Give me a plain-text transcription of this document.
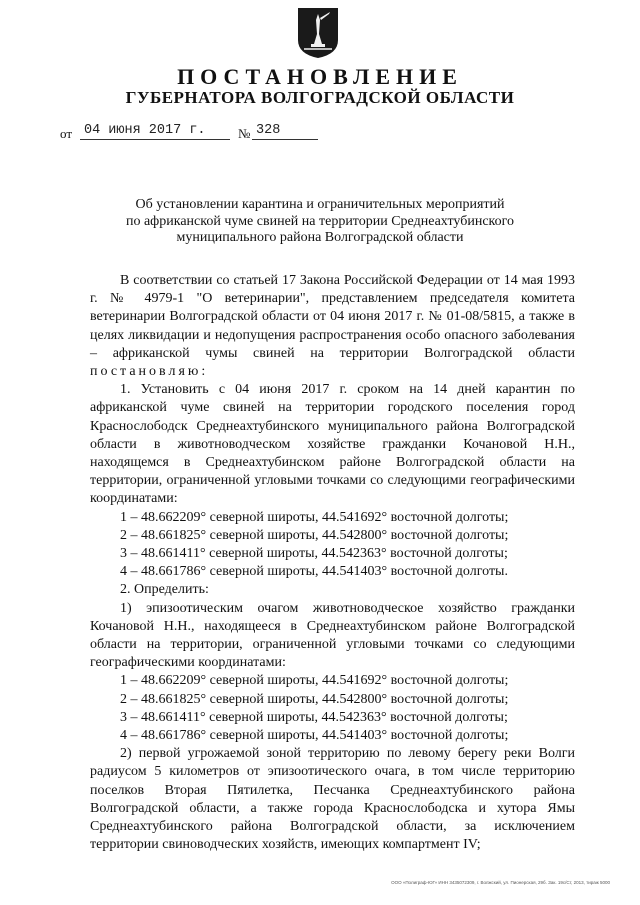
ПОСТАНОВЛЕНИЕ
ГУБЕРНАТОРА ВОЛГОГРАДСКОЙ ОБЛАСТИ
от 04 июня 2017 г. № 328
Об установлении карантина и ограничительных мероприятий
по африканской чуме свиней на территории Среднеахтубинского
муниципального района Волгоградской области

В соответствии со статьей 17 Закона Российской Федерации от 14 мая 1993 г. № 4979-1 "О ветеринарии", представлением председателя комитета ветеринарии Волгоградской области от 04 июня 2017 г. № 01-08/5815, а также в целях ликвидации и недопущения распространения особо опасного заболевания – африканской чумы свиней на территории Волгоградской области постановляю:

1. Установить с 04 июня 2017 г. сроком на 14 дней карантин по африканской чуме свиней на территории городского поселения город Краснослободск Среднеахтубинского муниципального района Волгоградской области в животноводческом хозяйстве гражданки Кочановой Н.Н., находящемся в Среднеахтубинском районе Волгоградской области на территории, ограниченной угловыми точками со следующими географическими координатами:

1 – 48.662209° северной широты, 44.541692° восточной долготы;

2 – 48.661825° северной широты, 44.542800° восточной долготы;

3 – 48.661411° северной широты, 44.542363° восточной долготы;

4 – 48.661786° северной широты, 44.541403° восточной долготы.

2. Определить:

1) эпизоотическим очагом животноводческое хозяйство гражданки Кочановой Н.Н., находящееся в Среднеахтубинском районе Волгоградской области на территории, ограниченной угловыми точками со следующими географическими координатами:

1 – 48.662209° северной широты, 44.541692° восточной долготы;

2 – 48.661825° северной широты, 44.542800° восточной долготы;

3 – 48.661411° северной широты, 44.542363° восточной долготы;

4 – 48.661786° северной широты, 44.541403° восточной долготы;

2) первой угрожаемой зоной территорию по левому берегу реки Волги радиусом 5 километров от эпизоотического очага, в том числе территорию поселков Вторая Пятилетка, Песчанка Среднеахтубинского района Волгоградской области, а также города Краснослободска и хутора Ямы Среднеахтубинского района Волгоградской области, за исключением территории свиноводческих хозяйств, имеющих компартмент IV;

ООО «Полиграф-ЮГ» ИНН 3435072309, г. Волжский, ул. Пионерская, 29б. Зак. 19с/Ст, 2013, тираж 5000
